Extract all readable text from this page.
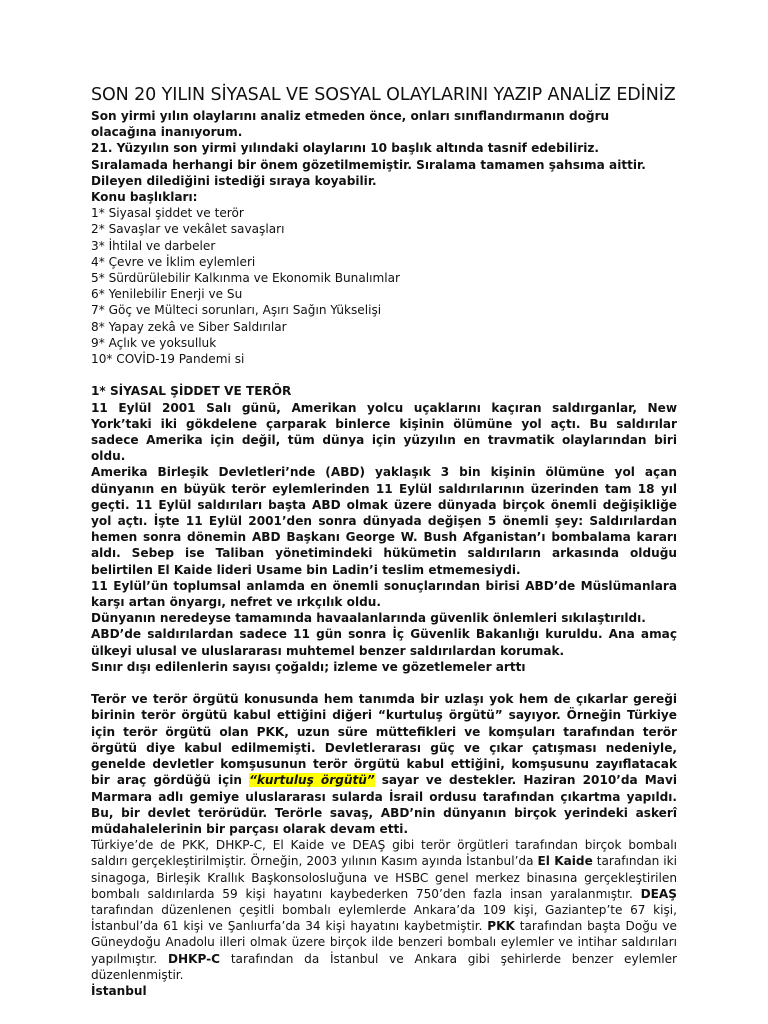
SON 20 YILIN SİYASAL VE SOSYAL OLAYLARINI YAZIP ANALİZ EDİNİZ

Son yirmi yılın olaylarını analiz etmeden önce, onları sınıflandırmanın doğru olacağına inanıyorum.

21. Yüzyılın son yirmi yılındaki olaylarını 10 başlık altında tasnif edebiliriz. Sıralamada herhangi bir önem gözetilmemiştir. Sıralama tamamen şahsıma aittir. Dileyen dilediğini istediği sıraya koyabilir.

Konu başlıkları:

1* Siyasal şiddet ve terör

2* Savaşlar ve vekâlet savaşları

3* İhtilal ve darbeler

4* Çevre ve İklim eylemleri

5* Sürdürülebilir Kalkınma ve Ekonomik Bunalımlar

6* Yenilebilir Enerji ve Su

7* Göç ve Mülteci sorunları, Aşırı Sağın Yükselişi

8* Yapay zekâ ve Siber Saldırılar

9* Açlık ve yoksulluk

10* COVİD-19 Pandemi si

1* SİYASAL ŞİDDET VE TERÖR

11 Eylül 2001 Salı günü, Amerikan yolcu uçaklarını kaçıran saldırganlar, New York’taki iki gökdelene çarparak binlerce kişinin ölümüne yol açtı. Bu saldırılar sadece Amerika için değil, tüm dünya için yüzyılın en travmatik olaylarından biri oldu.

Amerika Birleşik Devletleri’nde (ABD) yaklaşık 3 bin kişinin ölümüne yol açan dünyanın en büyük terör eylemlerinden 11 Eylül saldırılarının üzerinden tam 18 yıl geçti. 11 Eylül saldırıları başta ABD olmak üzere dünyada birçok önemli değişikliğe yol açtı. İşte 11 Eylül 2001’den sonra dünyada değişen 5 önemli şey: Saldırılardan hemen sonra dönemin ABD Başkanı George W. Bush Afganistan’ı bombalama kararı aldı. Sebep ise Taliban yönetimindeki hükümetin saldırıların arkasında olduğu belirtilen El Kaide lideri Usame bin Ladin’i teslim etmemesiydi.

11 Eylül’ün toplumsal anlamda en önemli sonuçlarından birisi ABD’de Müslümanlara karşı artan önyargı, nefret ve ırkçılık oldu.

Dünyanın neredeyse tamamında havaalanlarında güvenlik önlemleri sıkılaştırıldı.

ABD’de saldırılardan sadece 11 gün sonra İç Güvenlik Bakanlığı kuruldu. Ana amaç ülkeyi ulusal ve uluslararası muhtemel benzer saldırılardan korumak.

Sınır dışı edilenlerin sayısı çoğaldı; izleme ve gözetlemeler arttı

Terör ve terör örgütü konusunda hem tanımda bir uzlaşı yok hem de çıkarlar gereği birinin terör örgütü kabul ettiğini diğeri “kurtuluş örgütü” sayıyor. Örneğin Türkiye için terör örgütü olan PKK, uzun süre müttefikleri ve komşuları tarafından terör örgütü diye kabul edilmemişti. Devletlerarası güç ve çıkar çatışması nedeniyle, genelde devletler komşusunun terör örgütü kabul ettiğini, komşusunu zayıflatacak bir araç gördüğü için “kurtuluş örgütü” sayar ve destekler. Haziran 2010’da Mavi Marmara adlı gemiye uluslararası sularda İsrail ordusu tarafından çıkartma yapıldı. Bu, bir devlet terörüdür. Terörle savaş, ABD’nin dünyanın birçok yerindeki askerî müdahalelerinin bir parçası olarak devam etti.

Türkiye’de de PKK, DHKP-C, El Kaide ve DEAŞ gibi terör örgütleri tarafından birçok bombalı saldırı gerçekleştirilmiştir. Örneğin, 2003 yılının Kasım ayında İstanbul’da El Kaide tarafından iki sinagoga, Birleşik Krallık Başkonsolosluğuna ve HSBC genel merkez binasına gerçekleştirilen bombalı saldırılarda 59 kişi hayatını kaybederken 750’den fazla insan yaralanmıştır. DEAŞ tarafından düzenlenen çeşitli bombalı eylemlerde Ankara’da 109 kişi, Gaziantep’te 67 kişi, İstanbul’da 61 kişi ve Şanlıurfa’da 34 kişi hayatını kaybetmiştir. PKK tarafından başta Doğu ve Güneydoğu Anadolu illeri olmak üzere birçok ilde benzeri bombalı eylemler ve intihar saldırıları yapılmıştır. DHKP-C tarafından da İstanbul ve Ankara gibi şehirlerde benzer eylemler düzenlenmiştir.

İstanbul
